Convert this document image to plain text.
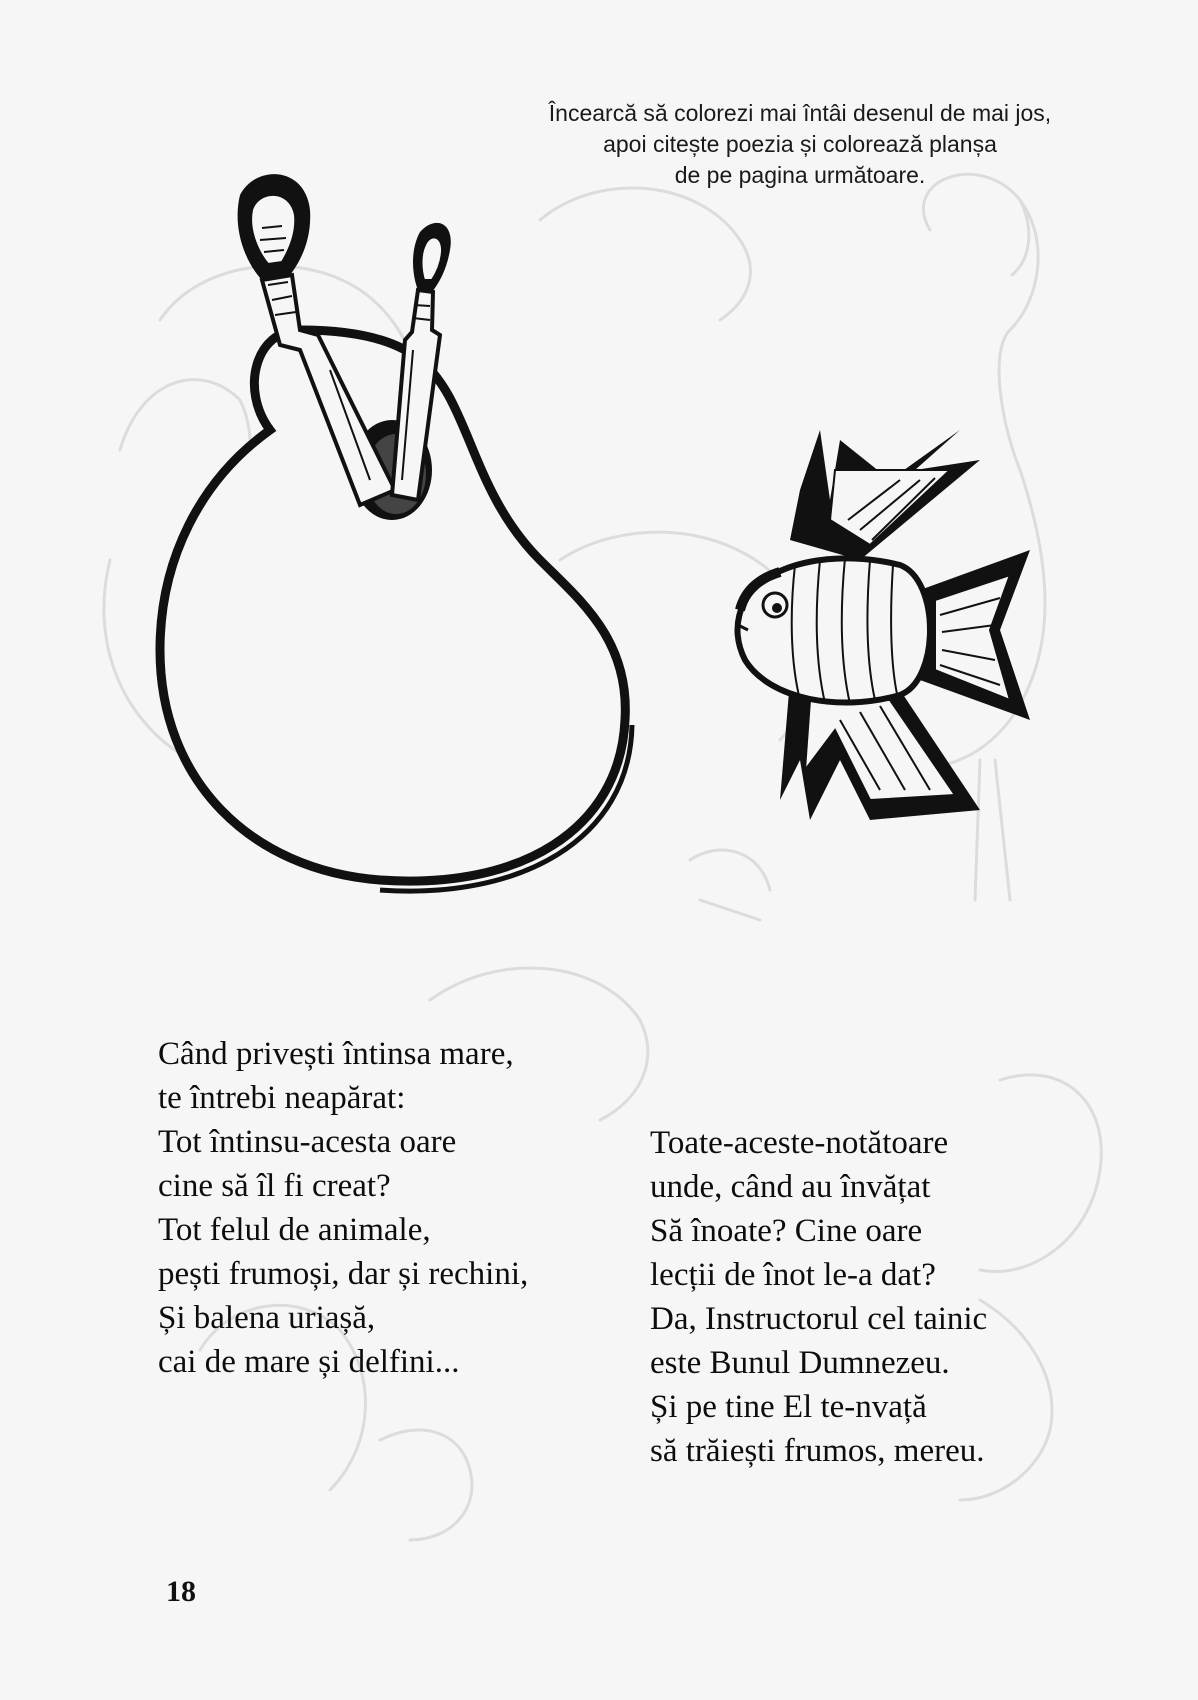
Încearcă să colorezi mai întâi desenul de mai jos,
apoi citește poezia și colorează planșa
de pe pagina următoare.
Când privești întinsa mare,
te întrebi neapărat:
Tot întinsu-acesta oare
cine să îl fi creat?
Tot felul de animale,
pești frumoși, dar și rechini,
Și balena uriașă,
cai de mare și delfini...
Toate-aceste-notătoare
unde, când au învățat
Să înoate? Cine oare
lecții de înot le-a dat?
Da, Instructorul cel tainic
este Bunul Dumnezeu.
Și pe tine El te-nvață
să trăiești frumos, mereu.
18
